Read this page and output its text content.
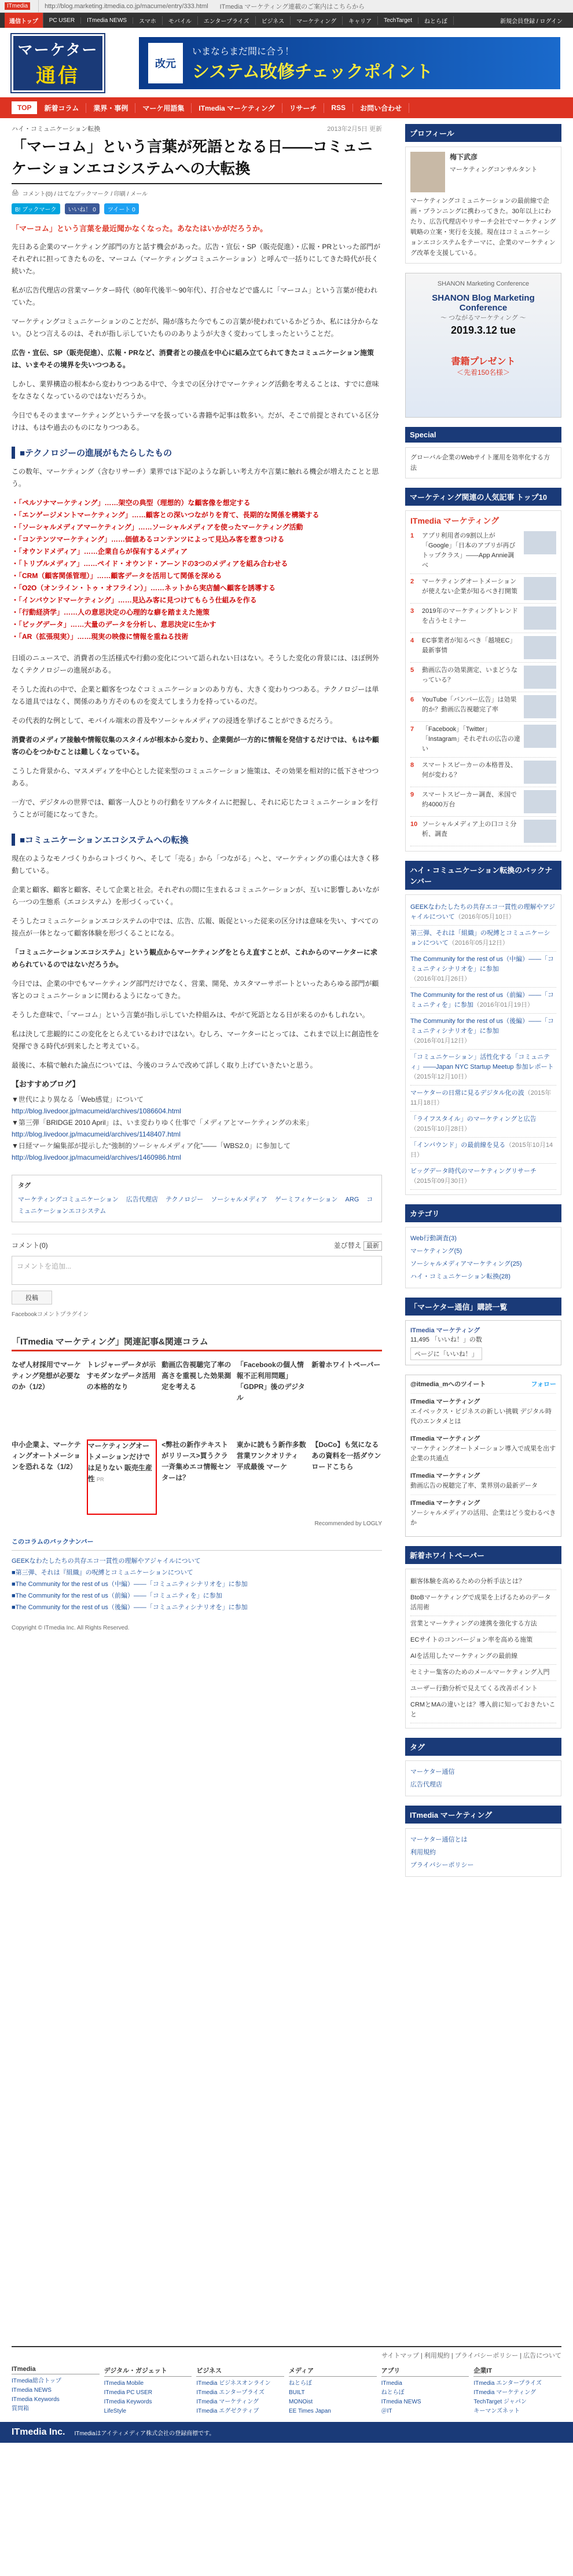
ITmedia	http://blog.marketing.itmedia.co.jp/macume/entry/333.html ITmedia マーケティング連載のご案内はこちらから
通信トップ	PC USER	ITmedia NEWS	スマホ	モバイル	エンタープライズ	ビジネス	マーケティング	キャリア	TechTarget	ねとらぼ	新規会員登録 / ログイン
マーケター
通信
改元
いまならまだ間に合う！
システム改修チェックポイント
TOP	新着コラム	業界・事例	マーケ用語集	ITmedia マーケティング	リサーチ	RSS	お問い合わせ
ハイ・コミュニケーション転換	2013年2月5日 更新
「マーコム」という言葉が死語となる日――コミュニケーションエコシステムへの大転換
🖨 コメント(0) / はてなブックマーク / 印刷 / メール
B! ブックマーク	いいね！ 0	ツイート 0
「マーコム」という言葉を最近聞かなくなった。あなたはいかがだろうか。

先日ある企業のマーケティング部門の方と話す機会があった。広告・宣伝・SP（販売促進）・広報・PRといった部門がそれぞれに担ってきたものを、マーコム（マーケティングコミュニケーション）と呼んで一括りにしてきた時代が長く続いた。

私が広告代理店の営業マーケター時代（80年代後半〜90年代）、打合せなどで盛んに「マーコム」という言葉が使われていた。

マーケティングコミュニケーションのことだが、陽が落ちた今でもこの言葉が使われているかどうか、私には分からない。ひとつ言えるのは、それが指し示していたもののありようが大きく変わってしまったということだ。

広告・宣伝、SP（販売促進）、広報・PRなど、消費者との接点を中心に組み立てられてきたコミュニケーション施策は、いまやその境界を失いつつある。

しかし、業界構造の根本から変わりつつある中で、今までの区分けでマーケティング活動を考えることは、すでに意味をなさなくなっているのではないだろうか。

今日でもそのままマーケティングというテーマを扱っている書籍や記事は数多い。だが、そこで前提とされている区分けは、もはや過去のものになりつつある。

■テクノロジーの進展がもたらしたもの

この数年、マーケティング（含むリサーチ）業界では下記のような新しい考え方や言葉に触れる機会が増えたことと思う。

・「ペルソナマーケティング」……架空の典型（理想的）な顧客像を想定する
・「エンゲージメントマーケティング」……顧客との深いつながりを育て、長期的な関係を構築する
・「ソーシャルメディアマーケティング」……ソーシャルメディアを使ったマーケティング活動
・「コンテンツマーケティング」……価値あるコンテンツによって見込み客を惹きつける
・「オウンドメディア」……企業自らが保有するメディア
・「トリプルメディア」……ペイド・オウンド・アーンドの3つのメディアを組み合わせる
・「CRM（顧客関係管理）」……顧客データを活用して関係を深める
・「O2O（オンライン・トゥ・オフライン）」……ネットから実店舗へ顧客を誘導する
・「インバウンドマーケティング」……見込み客に見つけてもらう仕組みを作る
・「行動経済学」……人の意思決定の心理的な癖を踏まえた施策
・「ビッグデータ」……大量のデータを分析し、意思決定に生かす
・「AR（拡張現実）」……現実の映像に情報を重ねる技術

日頃のニュースで、消費者の生活様式や行動の変化について語られない日はない。そうした変化の背景には、ほぼ例外なくテクノロジーの進展がある。

そうした流れの中で、企業と顧客をつなぐコミュニケーションのあり方も、大きく変わりつつある。テクノロジーは単なる道具ではなく、関係のあり方そのものを変えてしまう力を持っているのだ。

その代表的な例として、モバイル端末の普及やソーシャルメディアの浸透を挙げることができるだろう。

消費者のメディア接触や情報収集のスタイルが根本から変わり、企業側が一方的に情報を発信するだけでは、もはや顧客の心をつかむことは難しくなっている。

こうした背景から、マスメディアを中心とした従来型のコミュニケーション施策は、その効果を相対的に低下させつつある。

一方で、デジタルの世界では、顧客一人ひとりの行動をリアルタイムに把握し、それに応じたコミュニケーションを行うことが可能になってきた。

■コミュニケーションエコシステムへの転換

現在のようなモノづくりからコトづくりへ、そして「売る」から「つながる」へと、マーケティングの重心は大きく移動している。

企業と顧客、顧客と顧客、そして企業と社会。それぞれの間に生まれるコミュニケーションが、互いに影響しあいながら一つの生態系（エコシステム）を形づくっていく。

そうしたコミュニケーションエコシステムの中では、広告、広報、販促といった従来の区分けは意味を失い、すべての接点が一体となって顧客体験を形づくることになる。

「コミュニケーションエコシステム」という観点からマーケティングをとらえ直すことが、これからのマーケターに求められているのではないだろうか。

今日では、企業の中でもマーケティング部門だけでなく、営業、開発、カスタマーサポートといったあらゆる部門が顧客とのコミュニケーションに関わるようになってきた。

そうした意味で、「マーコム」という言葉が指し示していた枠組みは、やがて死語となる日が来るのかもしれない。

私は決して悲観的にこの変化をとらえているわけではない。むしろ、マーケターにとっては、これまで以上に創造性を発揮できる時代が到来したと考えている。

最後に、本稿で触れた論点については、今後のコラムで改めて詳しく取り上げていきたいと思う。

【おすすめブログ】
▼世代により異なる「Web感覚」について
http://blog.livedoor.jp/macumeid/archives/1086604.html
▼第三弾「BRIDGE 2010 April」は、いま変わりゆく仕事で「メディアとマーケティングの未来」
http://blog.livedoor.jp/macumeid/archives/1148407.html
▼日経マーケ編集部が提示した“強制的ソーシャルメディア化”――「WBS2.0」に参加して
http://blog.livedoor.jp/macumeid/archives/1460986.html
タグ
マーケティングコミュニケーション 広告代理店 テクノロジー ソーシャルメディア ゲーミフィケーション ARG コミュニケーションエコシステム
コメント(0)	並び替え 最新
コメントを追加...
投稿
Facebookコメントプラグイン
「ITmedia マーケティング」関連記事&関連コラム
なぜ人材採用でマーケティング発想が必要なのか（1/2）
トレジャーデータが示すモダンなデータ活用の本格的なり
動画広告視聴完了率の高さを重視した効果測定を考える
「Facebookの個人情報不正利用問題」「GDPR」後のデジタル
新着ホワイトペーパー
中小企業よ、マーケティングオートメーションを恐れるな（1/2）
マーケティングオートメーションだけでは足りない 販売生産性 PR
<弊社の新作テキストがリリース>買うクラ一斉集めエコ情報センターは？
東かに読もう新作多数 営業ワンクオリティ 平成最後 マーケ
【DoCo】も気になるあの資料を一括ダウンロードこちら
Recommended by LOGLY
このコラムのバックナンバー
GEEKなわたしたちの共存エコ一貫性の理解やアジャイルについて
■第三弾、それは『組織』の呪縛とコミュニケーションについて
■The Community for the rest of us（中編）――「コミュニティシナリオを」に参加
■The Community for the rest of us（前編）――「コミュニティを」に参加
■The Community for the rest of us（後編）――「コミュニティシナリオを」に参加
Copyright © ITmedia Inc. All Rights Reserved.
プロフィール
梅下武彦
マーケティングコンサルタント
マーケティングコミュニケーションの最前線で企画・プランニングに携わってきた。30年以上にわたり、広告代理店やリサーチ会社でマーケティング戦略の立案・実行を支援。現在はコミュニケーションエコシステムをテーマに、企業のマーケティング改革を支援している。
SHANON Marketing Conference
SHANON Blog Marketing Conference
～ つながるマーケティング ～
2019.3.12 tue
書籍プレゼント
＜先着150名様＞
Special
グローバル企業のWebサイト運用を効率化する方法
マーケティング関連の人気記事 トップ10
ITmedia マーケティング
1	アプリ利用者の9割以上が「Google」「日本のアプリが再びトップクラス」――App Annie調べ
2	マーケティングオートメーションが使えない企業が知るべき打開策
3	2019年のマーケティングトレンドを占うセミナー
4	EC事業者が知るべき「越境EC」最新事情
5	動画広告の効果測定、いまどうなっている？
6	YouTube「バンパー広告」は効果的か？動画広告視聴完了率
7	「Facebook」「Twitter」「Instagram」それぞれの広告の違い
8	スマートスピーカーの本格普及、何が変わる？
9	スマートスピーカー調査、米国で約4000万台
10 ソーシャルメディア上の口コミ分析、調査
ハイ・コミュニケーション転換のバックナンバー
GEEKなわたしたちの共存エコ一貫性の理解やアジャイルについて（2016年05月10日）
第三弾、それは「組織」の呪縛とコミュニケーションについて（2016年05月12日）
The Community for the rest of us（中編）――「コミュニティシナリオを」に参加（2016年01月26日）
The Community for the rest of us（前編）――「コミュニティを」に参加（2016年01月19日）
The Community for the rest of us（後編）――「コミュニティシナリオを」に参加（2016年01月12日）
「コミュニケーション」活性化する「コミュニティ」――Japan NYC Startup Meetup 参加レポート（2015年12月10日）
マーケターの日常に見るデジタル化の波（2015年11月18日）
「ライフスタイル」のマーケティングと広告（2015年10月28日）
「インバウンド」の最前線を見る（2015年10月14日）
ビッグデータ時代のマーケティングリサーチ（2015年09月30日）
カテゴリ
Web行動調査(3)
マーケティング(5)
ソーシャルメディアマーケティング(25)
ハイ・コミュニケーション転換(28)
「マーケター通信」購読一覧
ITmedia マーケティング
11,495 「いいね！」の数
ページに「いいね！」
@itmedia_mへのツイート	フォロー
ITmedia マーケティング
エイベックス・ビジネスの新しい挑戦 デジタル時代のエンタメとは
ITmedia マーケティング
マーケティングオートメーション導入で成果を出す企業の共通点
ITmedia マーケティング
動画広告の視聴完了率、業界別の最新データ
ITmedia マーケティング
ソーシャルメディアの活用、企業はどう変わるべきか
新着ホワイトペーパー
顧客体験を高めるための分析手法とは？
BtoBマーケティングで成果を上げるためのデータ活用術
営業とマーケティングの連携を強化する方法
ECサイトのコンバージョン率を高める施策
AIを活用したマーケティングの最前線
セミナー集客のためのメールマーケティング入門
ユーザー行動分析で見えてくる改善ポイント
CRMとMAの違いとは？導入前に知っておきたいこと
タグ
マーケター通信
広告代理店
ITmedia マーケティング
マーケター通信とは
利用規約
プライバシーポリシー
サイトマップ | 利用規約 | プライバシーポリシー | 広告について
ITmedia
ITmedia総合トップ
ITmedia NEWS
ITmedia Keywords
質問箱
デジタル・ガジェット
ITmedia Mobile
ITmedia PC USER
ITmedia Keywords
LifeStyle
ビジネス
ITmedia ビジネスオンライン
ITmedia エンタープライズ
ITmedia マーケティング
ITmedia エグゼクティブ
メディア
ねとらぼ
BUILT
MONOist
EE Times Japan
アプリ
ITmedia
ねとらぼ
ITmedia NEWS
＠IT
企業IT
ITmedia エンタープライズ
ITmedia マーケティング
TechTarget ジャパン
キーマンズネット
ITmedia Inc. ITmediaはアイティメディア株式会社の登録商標です。
